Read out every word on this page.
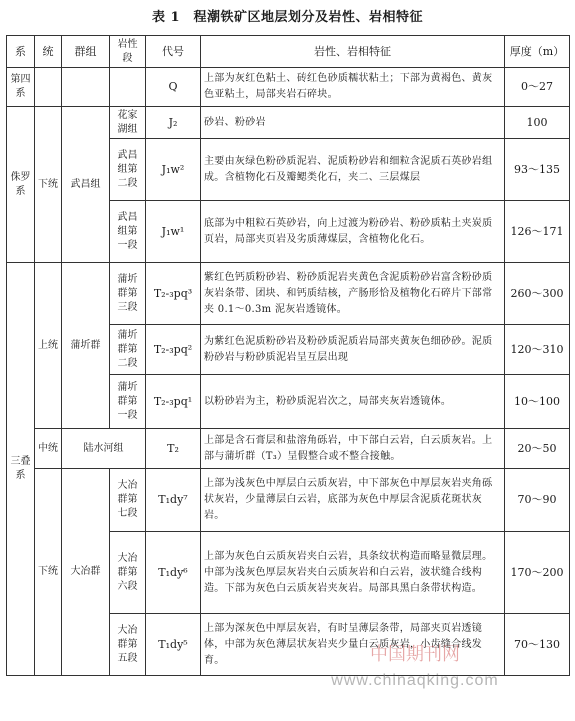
表 1　程潮铁矿区地层划分及岩性、岩相特征
系	统	群组	岩性段	代号	岩性、岩相特征	厚度（m）
第四系				Q	上部为灰红色粘土、砖红色砂质糯状粘土；下部为黄褐色、黄灰色亚粘土，局部夹岩石碎块。	0～27
侏罗系	下统	武昌组	花家湖组	J₂	砂岩、粉砂岩	100
			武昌组第二段	J₁w²	主要由灰绿色粉砂质泥岩、泥质粉砂岩和细粒含泥质石英砂岩组成。含植物化石及瓣鳃类化石，夹二、三层煤层	93～135
			武昌组第一段	J₁w¹	底部为中粗粒石英砂岩，向上过渡为粉砂岩、粉砂质粘土夹炭质页岩，局部夹页岩及劣质薄煤层，含植物化化石。	126～171
三叠系	上统	蒲圻群	蒲圻群第三段	T₂-₃pq³	紫红色钙质粉砂岩、粉砂质泥岩夹黄色含泥质粉砂岩富含粉砂质灰岩条带、团块、和钙质结核，产肠形恰及植物化石碎片下部常夹 0.1～0.3m 泥灰岩透镜体。	260～300
			蒲圻群第二段	T₂-₃pq²	为紫红色泥质粉砂岩及粉砂质泥质岩局部夹黄灰色细砂砂。泥质粉砂岩与粉砂质泥岩呈互层出现	120～310
			蒲圻群第一段	T₂-₃pq¹	以粉砂岩为主，粉砂质泥岩次之，局部夹灰岩透镜体。	10～100
	中统	陆水河组		T₂	上部是含石膏层和盐溶角砾岩，中下部白云岩，白云质灰岩。上部与蒲圻群（T₃）呈假整合或不整合接触。	20～50
	下统	大冶群	大冶群第七段	T₁dy⁷	上部为浅灰色中厚层白云质灰岩，中下部灰色中厚层灰岩夹角砾状灰岩，少量薄层白云岩，底部为灰色中厚层含泥质花斑状灰岩。	70～90
			大冶群第六段	T₁dy⁶	上部为灰色白云质灰岩夹白云岩，具条纹状构造而略显微层理。中部为浅灰色厚层灰岩夹白云质灰岩和白云岩，波状缝合线构造。下部为灰色白云质灰岩夹灰岩。局部具黑白条带状构造。	170～200
			大冶群第五段	T₁dy⁵	上部为深灰色中厚层灰岩，有时呈薄层条带，局部夹页岩透镜体，中部为灰色薄层状灰岩夹少量白云质灰岩，小齿缝合线发育。	70～130
中国期刊网
www.chinaqking.com
